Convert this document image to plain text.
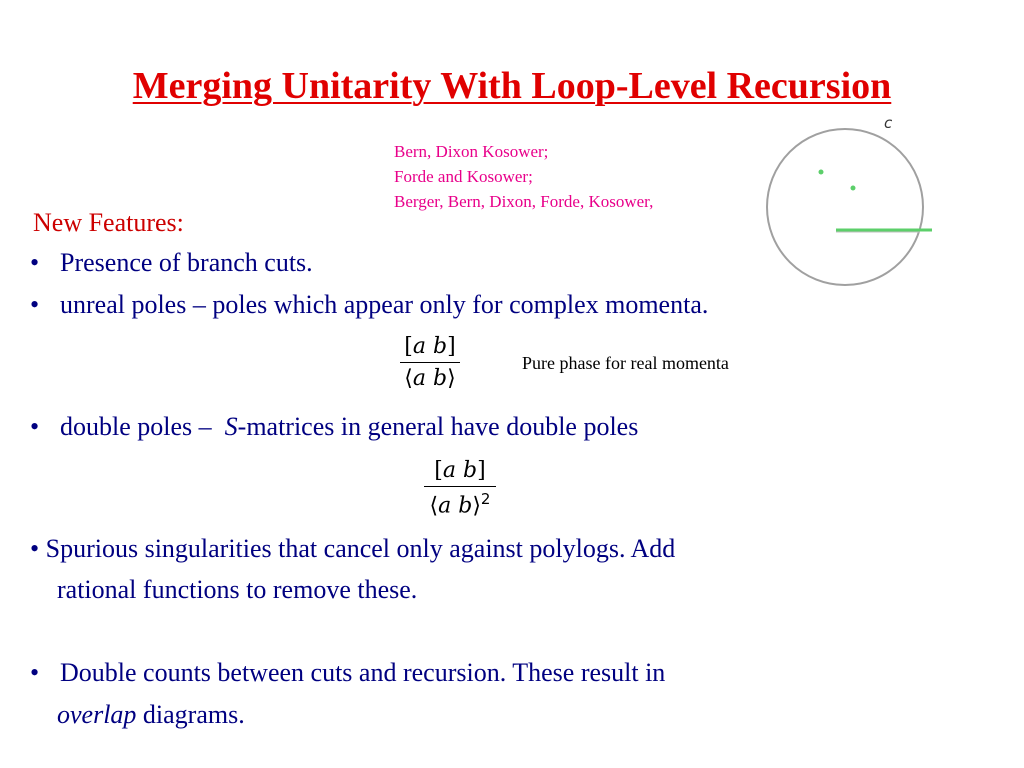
Merging Unitarity With Loop-Level Recursion
Bern, Dixon Kosower;
Forde and Kosower;
Berger, Bern, Dixon, Forde, Kosower,
c
New Features:
• Presence of branch cuts.
• unreal poles – poles which appear only for complex momenta.
[a b]
⟨a b⟩
Pure phase for real momenta
• double poles – S-matrices in general have double poles
[a b]
⟨a b⟩$^2$
• Spurious singularities that cancel only against polylogs. Add
rational functions to remove these.
• Double counts between cuts and recursion. These result in
overlap diagrams.
